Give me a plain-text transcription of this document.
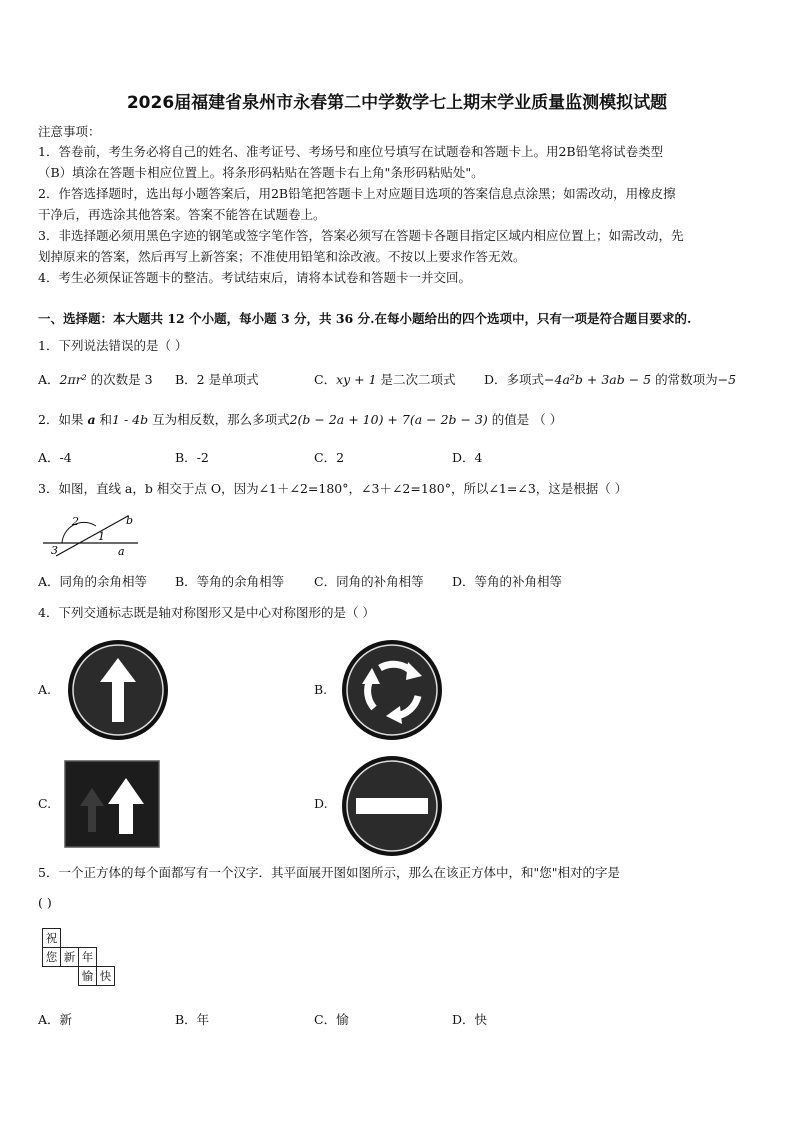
2026届福建省泉州市永春第二中学数学七上期末学业质量监测模拟试题
注意事项：
1．答卷前，考生务必将自己的姓名、准考证号、考场号和座位号填写在试题卷和答题卡上。用2B铅笔将试卷类型
（B）填涂在答题卡相应位置上。将条形码粘贴在答题卡右上角"条形码粘贴处"。
2．作答选择题时，选出每小题答案后，用2B铅笔把答题卡上对应题目选项的答案信息点涂黑；如需改动，用橡皮擦
干净后，再选涂其他答案。答案不能答在试题卷上。
3．非选择题必须用黑色字迹的钢笔或签字笔作答，答案必须写在答题卡各题目指定区域内相应位置上；如需改动，先
划掉原来的答案，然后再写上新答案；不准使用铅笔和涂改液。不按以上要求作答无效。
4．考生必须保证答题卡的整洁。考试结束后，请将本试卷和答题卡一并交回。
一、选择题：本大题共 12 个小题，每小题 3 分，共 36 分.在每小题给出的四个选项中，只有一项是符合题目要求的.
1．下列说法错误的是（ ）
A．2πr² 的次数是 3 B．2 是单项式	C．xy + 1 是二次二项式 D．多项式−4a²b + 3ab − 5 的常数项为−5
2．如果 a 和1 - 4b 互为相反数，那么多项式2(b − 2a + 10) + 7(a − 2b − 3) 的值是 （ ）
A．-4	B．-2	C．2	D．4
3．如图，直线 a，b 相交于点 O，因为∠1＋∠2=180°，∠3＋∠2=180°，所以∠1=∠3，这是根据（ ）
2
1
3
b
a
A．同角的余角相等 B．等角的余角相等 C．同角的补角相等 D．等角的补角相等
4．下列交通标志既是轴对称图形又是中心对称图形的是（ ）
A.	B.
C.	D.
5．一个正方体的每个面都写有一个汉字．其平面展开图如图所示，那么在该正方体中，和"您"相对的字是
( )
祝			
您	新	年	
		愉	快
A．新	B．年	C．愉	D．快
